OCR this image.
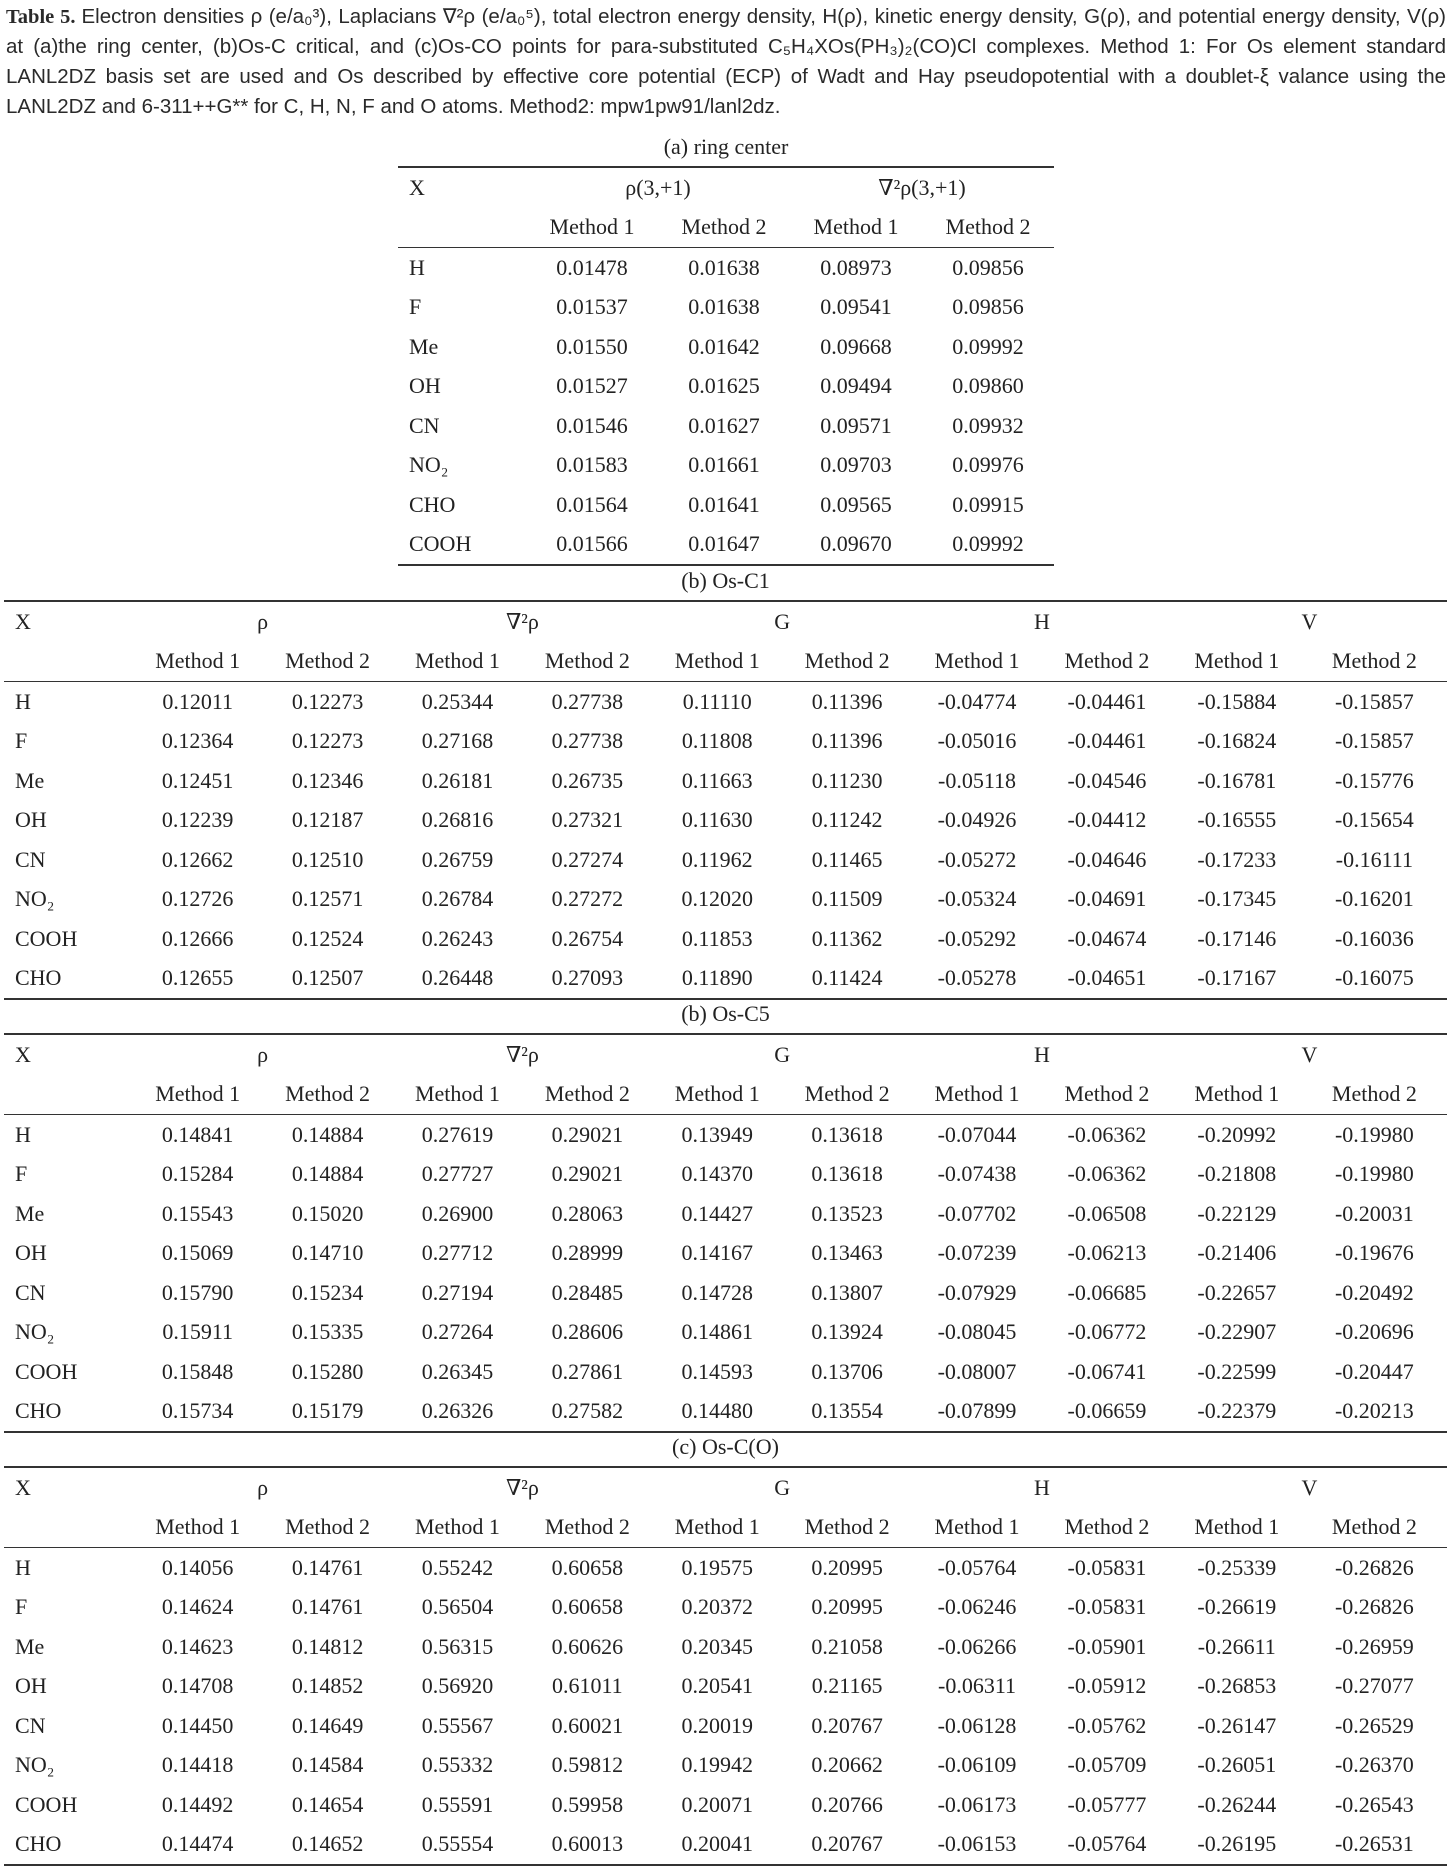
Table 5. Electron densities ρ (e/a₀³), Laplacians ∇²ρ (e/a₀⁵), total electron energy density, H(ρ), kinetic energy density, G(ρ), and potential energy density, V(ρ) at (a)the ring center, (b)Os-C critical, and (c)Os-CO points for para-substituted C₅H₄XOs(PH₃)₂(CO)Cl complexes. Method 1: For Os element standard LANL2DZ basis set are used and Os described by effective core potential (ECP) of Wadt and Hay pseudopotential with a doublet-ξ valance using the LANL2DZ and 6-311++G** for C, H, N, F and O atoms. Method2: mpw1pw91/lanl2dz.
(a) ring center
X	ρ(3,+1)		∇²ρ(3,+1)	
	Method 1	Method 2	Method 1	Method 2
H	0.01478	0.01638	0.08973	0.09856
F	0.01537	0.01638	0.09541	0.09856
Me	0.01550	0.01642	0.09668	0.09992
OH	0.01527	0.01625	0.09494	0.09860
CN	0.01546	0.01627	0.09571	0.09932
NO₂	0.01583	0.01661	0.09703	0.09976
CHO	0.01564	0.01641	0.09565	0.09915
COOH	0.01566	0.01647	0.09670	0.09992
(b) Os-C1
X	ρ		∇²ρ		G		H		V	
	Method 1	Method 2	Method 1	Method 2	Method 1	Method 2	Method 1	Method 2	Method 1	Method 2
H	0.12011	0.12273	0.25344	0.27738	0.11110	0.11396	-0.04774	-0.04461	-0.15884	-0.15857
F	0.12364	0.12273	0.27168	0.27738	0.11808	0.11396	-0.05016	-0.04461	-0.16824	-0.15857
Me	0.12451	0.12346	0.26181	0.26735	0.11663	0.11230	-0.05118	-0.04546	-0.16781	-0.15776
OH	0.12239	0.12187	0.26816	0.27321	0.11630	0.11242	-0.04926	-0.04412	-0.16555	-0.15654
CN	0.12662	0.12510	0.26759	0.27274	0.11962	0.11465	-0.05272	-0.04646	-0.17233	-0.16111
NO₂	0.12726	0.12571	0.26784	0.27272	0.12020	0.11509	-0.05324	-0.04691	-0.17345	-0.16201
COOH	0.12666	0.12524	0.26243	0.26754	0.11853	0.11362	-0.05292	-0.04674	-0.17146	-0.16036
CHO	0.12655	0.12507	0.26448	0.27093	0.11890	0.11424	-0.05278	-0.04651	-0.17167	-0.16075
(b) Os-C5
X	ρ		∇²ρ		G		H		V	
	Method 1	Method 2	Method 1	Method 2	Method 1	Method 2	Method 1	Method 2	Method 1	Method 2
H	0.14841	0.14884	0.27619	0.29021	0.13949	0.13618	-0.07044	-0.06362	-0.20992	-0.19980
F	0.15284	0.14884	0.27727	0.29021	0.14370	0.13618	-0.07438	-0.06362	-0.21808	-0.19980
Me	0.15543	0.15020	0.26900	0.28063	0.14427	0.13523	-0.07702	-0.06508	-0.22129	-0.20031
OH	0.15069	0.14710	0.27712	0.28999	0.14167	0.13463	-0.07239	-0.06213	-0.21406	-0.19676
CN	0.15790	0.15234	0.27194	0.28485	0.14728	0.13807	-0.07929	-0.06685	-0.22657	-0.20492
NO₂	0.15911	0.15335	0.27264	0.28606	0.14861	0.13924	-0.08045	-0.06772	-0.22907	-0.20696
COOH	0.15848	0.15280	0.26345	0.27861	0.14593	0.13706	-0.08007	-0.06741	-0.22599	-0.20447
CHO	0.15734	0.15179	0.26326	0.27582	0.14480	0.13554	-0.07899	-0.06659	-0.22379	-0.20213
(c) Os-C(O)
X	ρ		∇²ρ		G		H		V	
	Method 1	Method 2	Method 1	Method 2	Method 1	Method 2	Method 1	Method 2	Method 1	Method 2
H	0.14056	0.14761	0.55242	0.60658	0.19575	0.20995	-0.05764	-0.05831	-0.25339	-0.26826
F	0.14624	0.14761	0.56504	0.60658	0.20372	0.20995	-0.06246	-0.05831	-0.26619	-0.26826
Me	0.14623	0.14812	0.56315	0.60626	0.20345	0.21058	-0.06266	-0.05901	-0.26611	-0.26959
OH	0.14708	0.14852	0.56920	0.61011	0.20541	0.21165	-0.06311	-0.05912	-0.26853	-0.27077
CN	0.14450	0.14649	0.55567	0.60021	0.20019	0.20767	-0.06128	-0.05762	-0.26147	-0.26529
NO₂	0.14418	0.14584	0.55332	0.59812	0.19942	0.20662	-0.06109	-0.05709	-0.26051	-0.26370
COOH	0.14492	0.14654	0.55591	0.59958	0.20071	0.20766	-0.06173	-0.05777	-0.26244	-0.26543
CHO	0.14474	0.14652	0.55554	0.60013	0.20041	0.20767	-0.06153	-0.05764	-0.26195	-0.26531
